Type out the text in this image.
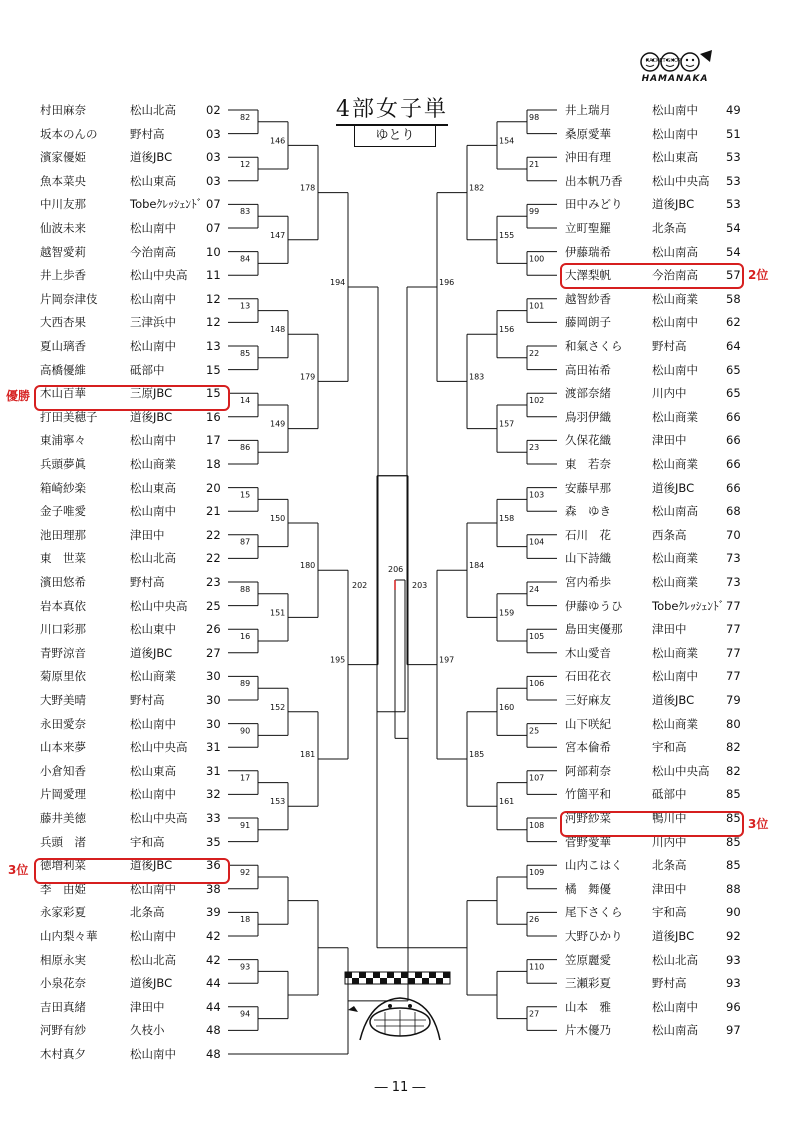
4部女子単
ゆとり
RACKET SHOP
HAMANAKA
82
12
83
84
13
85
14
86
15
87
88
16
89
90
17
91
92
18
93
94
146
147
148
149
150
151
152
153
178
179
180
181
194
195
98
21
99
100
101
22
102
23
103
104
24
105
106
25
107
108
109
26
110
27
154
155
156
157
158
159
160
161
182
183
184
185
196
197
202
206
203
村田麻奈	松山北高	02
坂本のんの	野村高	03
濱家優姫	道後JBC	03
魚本菜央	松山東高	03
中川友那	Tobeｸﾚｯｼｪﾝﾄﾞ 07
仙波未来	松山南中	07
越智愛莉	今治南高	10
井上歩香	松山中央高 11
片岡奈津伎	松山南中	12
大西杏果	三津浜中	12
夏山璃香	松山南中	13
高橋優維	砥部中	15
木山百華	三原JBC	15
打田美穂子	道後JBC	16
東浦寧々	松山南中	17
兵頭夢眞	松山商業	18
箱崎紗楽	松山東高	20
金子唯愛	松山南中	21
池田理那	津田中	22
東　世菜	松山北高	22
濱田悠希	野村高	23
岩本真依	松山中央高 25
川口彩那	松山東中	26
青野涼音	道後JBC	27
菊原里依	松山商業	30
大野美晴	野村高	30
永田愛奈	松山南中	30
山本来夢	松山中央高 31
小倉知香	松山東高	31
片岡愛理	松山南中	32
藤井美徳	松山中央高 33
兵頭　渚	宇和高	35
徳増利菜	道後JBC	36
李　由姫	松山南中	38
永家彩夏	北条高	39
山内梨々華	松山南中	42
相原永実	松山北高	42
小泉花奈	道後JBC	44
吉田真緒	津田中	44
河野有紗	久枝小	48
木村真夕	松山南中	48
井上瑞月	松山南中 49
桑原愛華	松山南中 51
沖田有理	松山東高 53
出本帆乃香	松山中央高 53
田中みどり	道後JBC	53
立町聖羅	北条高	54
伊藤瑞希	松山南高 54
大澤梨帆	今治南高 57
越智紗香	松山商業 58
藤岡朗子	松山南中 62
和氣さくら	野村高	64
高田祐希	松山南中 65
渡部奈緒	川内中	65
鳥羽伊織	松山商業 66
久保花織	津田中	66
東　若奈	松山商業 66
安藤早那	道後JBC	66
森　ゆき	松山南高 68
石川　花	西条高	70
山下詩織	松山商業 73
宮内希歩	松山商業 73
伊藤ゆうひ	Tobeｸﾚｯｼｪﾝﾄﾞ 77
島田実優那	津田中	77
木山愛音	松山商業 77
石田花衣	松山南中 77
三好麻友	道後JBC	79
山下咲紀	松山商業 80
宮本倫希	宇和高	82
阿部莉奈	松山中央高 82
竹箇平和	砥部中	85
河野紗菜	鴨川中	85
菅野愛華	川内中	85
山内こはく	北条高	85
橘　舞優	津田中	88
尾下さくら	宇和高	90
大野ひかり	道後JBC	92
笠原麗愛	松山北高 93
三瀬彩夏	野村高	93
山本　雅	松山南中 96
片木優乃	松山南高 97
優勝
2位
3位
3位
― 11 ―
